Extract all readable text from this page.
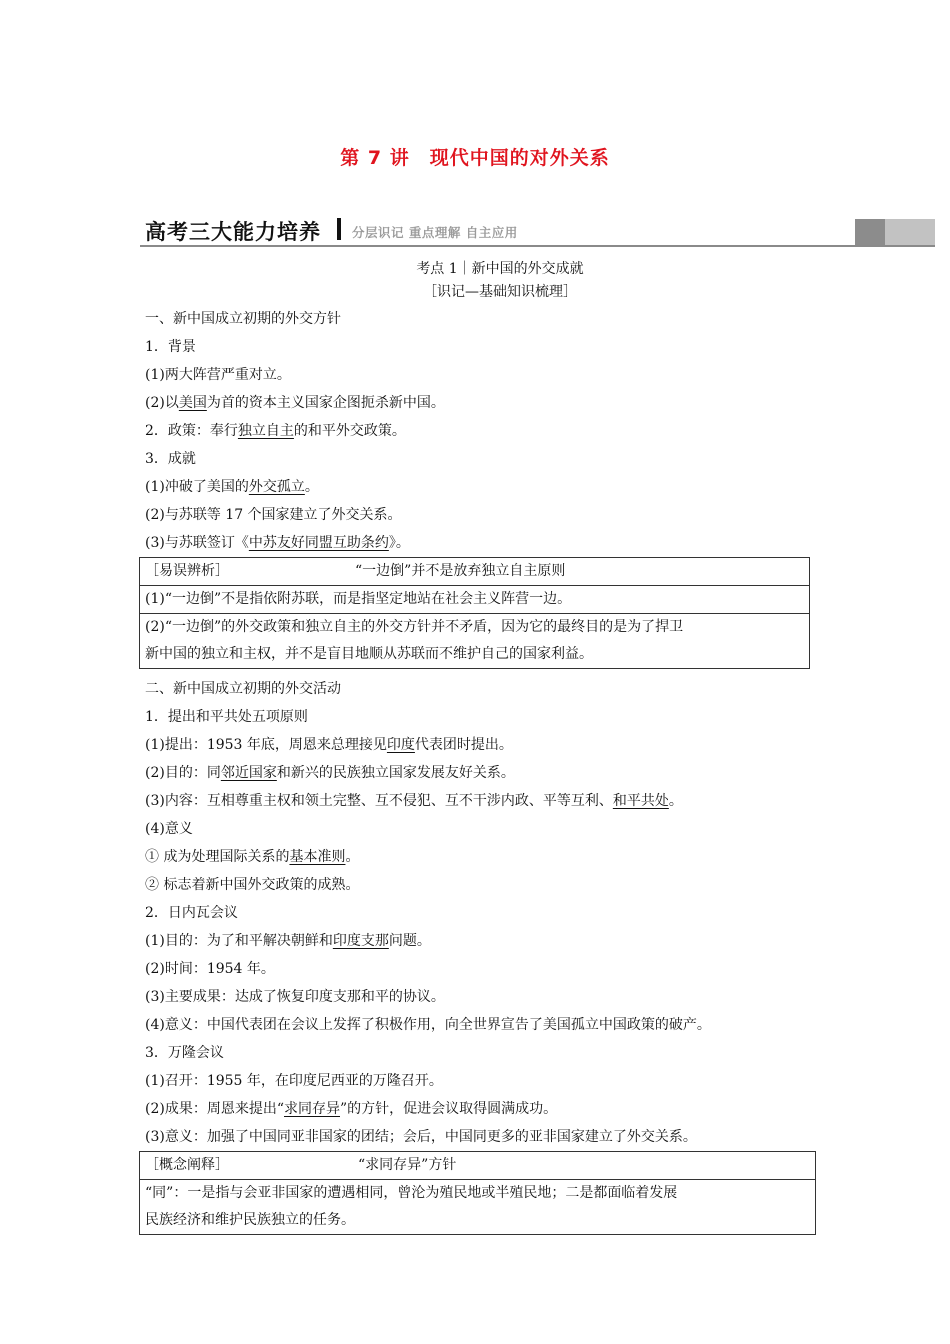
第 7 讲　现代中国的对外关系
高考三大能力培养 分层识记 重点理解 自主应用
考点 1｜新中国的外交成就
［识记—基础知识梳理］
一、新中国成立初期的外交方针
1．背景
(1)两大阵营严重对立。
(2)以美国为首的资本主义国家企图扼杀新中国。
2．政策：奉行独立自主的和平外交政策。
3．成就
(1)冲破了美国的外交孤立。
(2)与苏联等 17 个国家建立了外交关系。
(3)与苏联签订《中苏友好同盟互助条约》。
［易误辨析］	“一边倒”并不是放弃独立自主原则
(1)“一边倒”不是指依附苏联，而是指坚定地站在社会主义阵营一边。
(2)“一边倒”的外交政策和独立自主的外交方针并不矛盾，因为它的最终目的是为了捍卫
新中国的独立和主权，并不是盲目地顺从苏联而不维护自己的国家利益。
二、新中国成立初期的外交活动
1．提出和平共处五项原则
(1)提出：1953 年底，周恩来总理接见印度代表团时提出。
(2)目的：同邻近国家和新兴的民族独立国家发展友好关系。
(3)内容：互相尊重主权和领土完整、互不侵犯、互不干涉内政、平等互利、和平共处。
(4)意义
① 成为处理国际关系的基本准则。
② 标志着新中国外交政策的成熟。
2．日内瓦会议
(1)目的：为了和平解决朝鲜和印度支那问题。
(2)时间：1954 年。
(3)主要成果：达成了恢复印度支那和平的协议。
(4)意义：中国代表团在会议上发挥了积极作用，向全世界宣告了美国孤立中国政策的破产。
3．万隆会议
(1)召开：1955 年，在印度尼西亚的万隆召开。
(2)成果：周恩来提出“求同存异”的方针，促进会议取得圆满成功。
(3)意义：加强了中国同亚非国家的团结；会后，中国同更多的亚非国家建立了外交关系。
［概念阐释］	“求同存异”方针
“同”：一是指与会亚非国家的遭遇相同，曾沦为殖民地或半殖民地；二是都面临着发展
民族经济和维护民族独立的任务。
